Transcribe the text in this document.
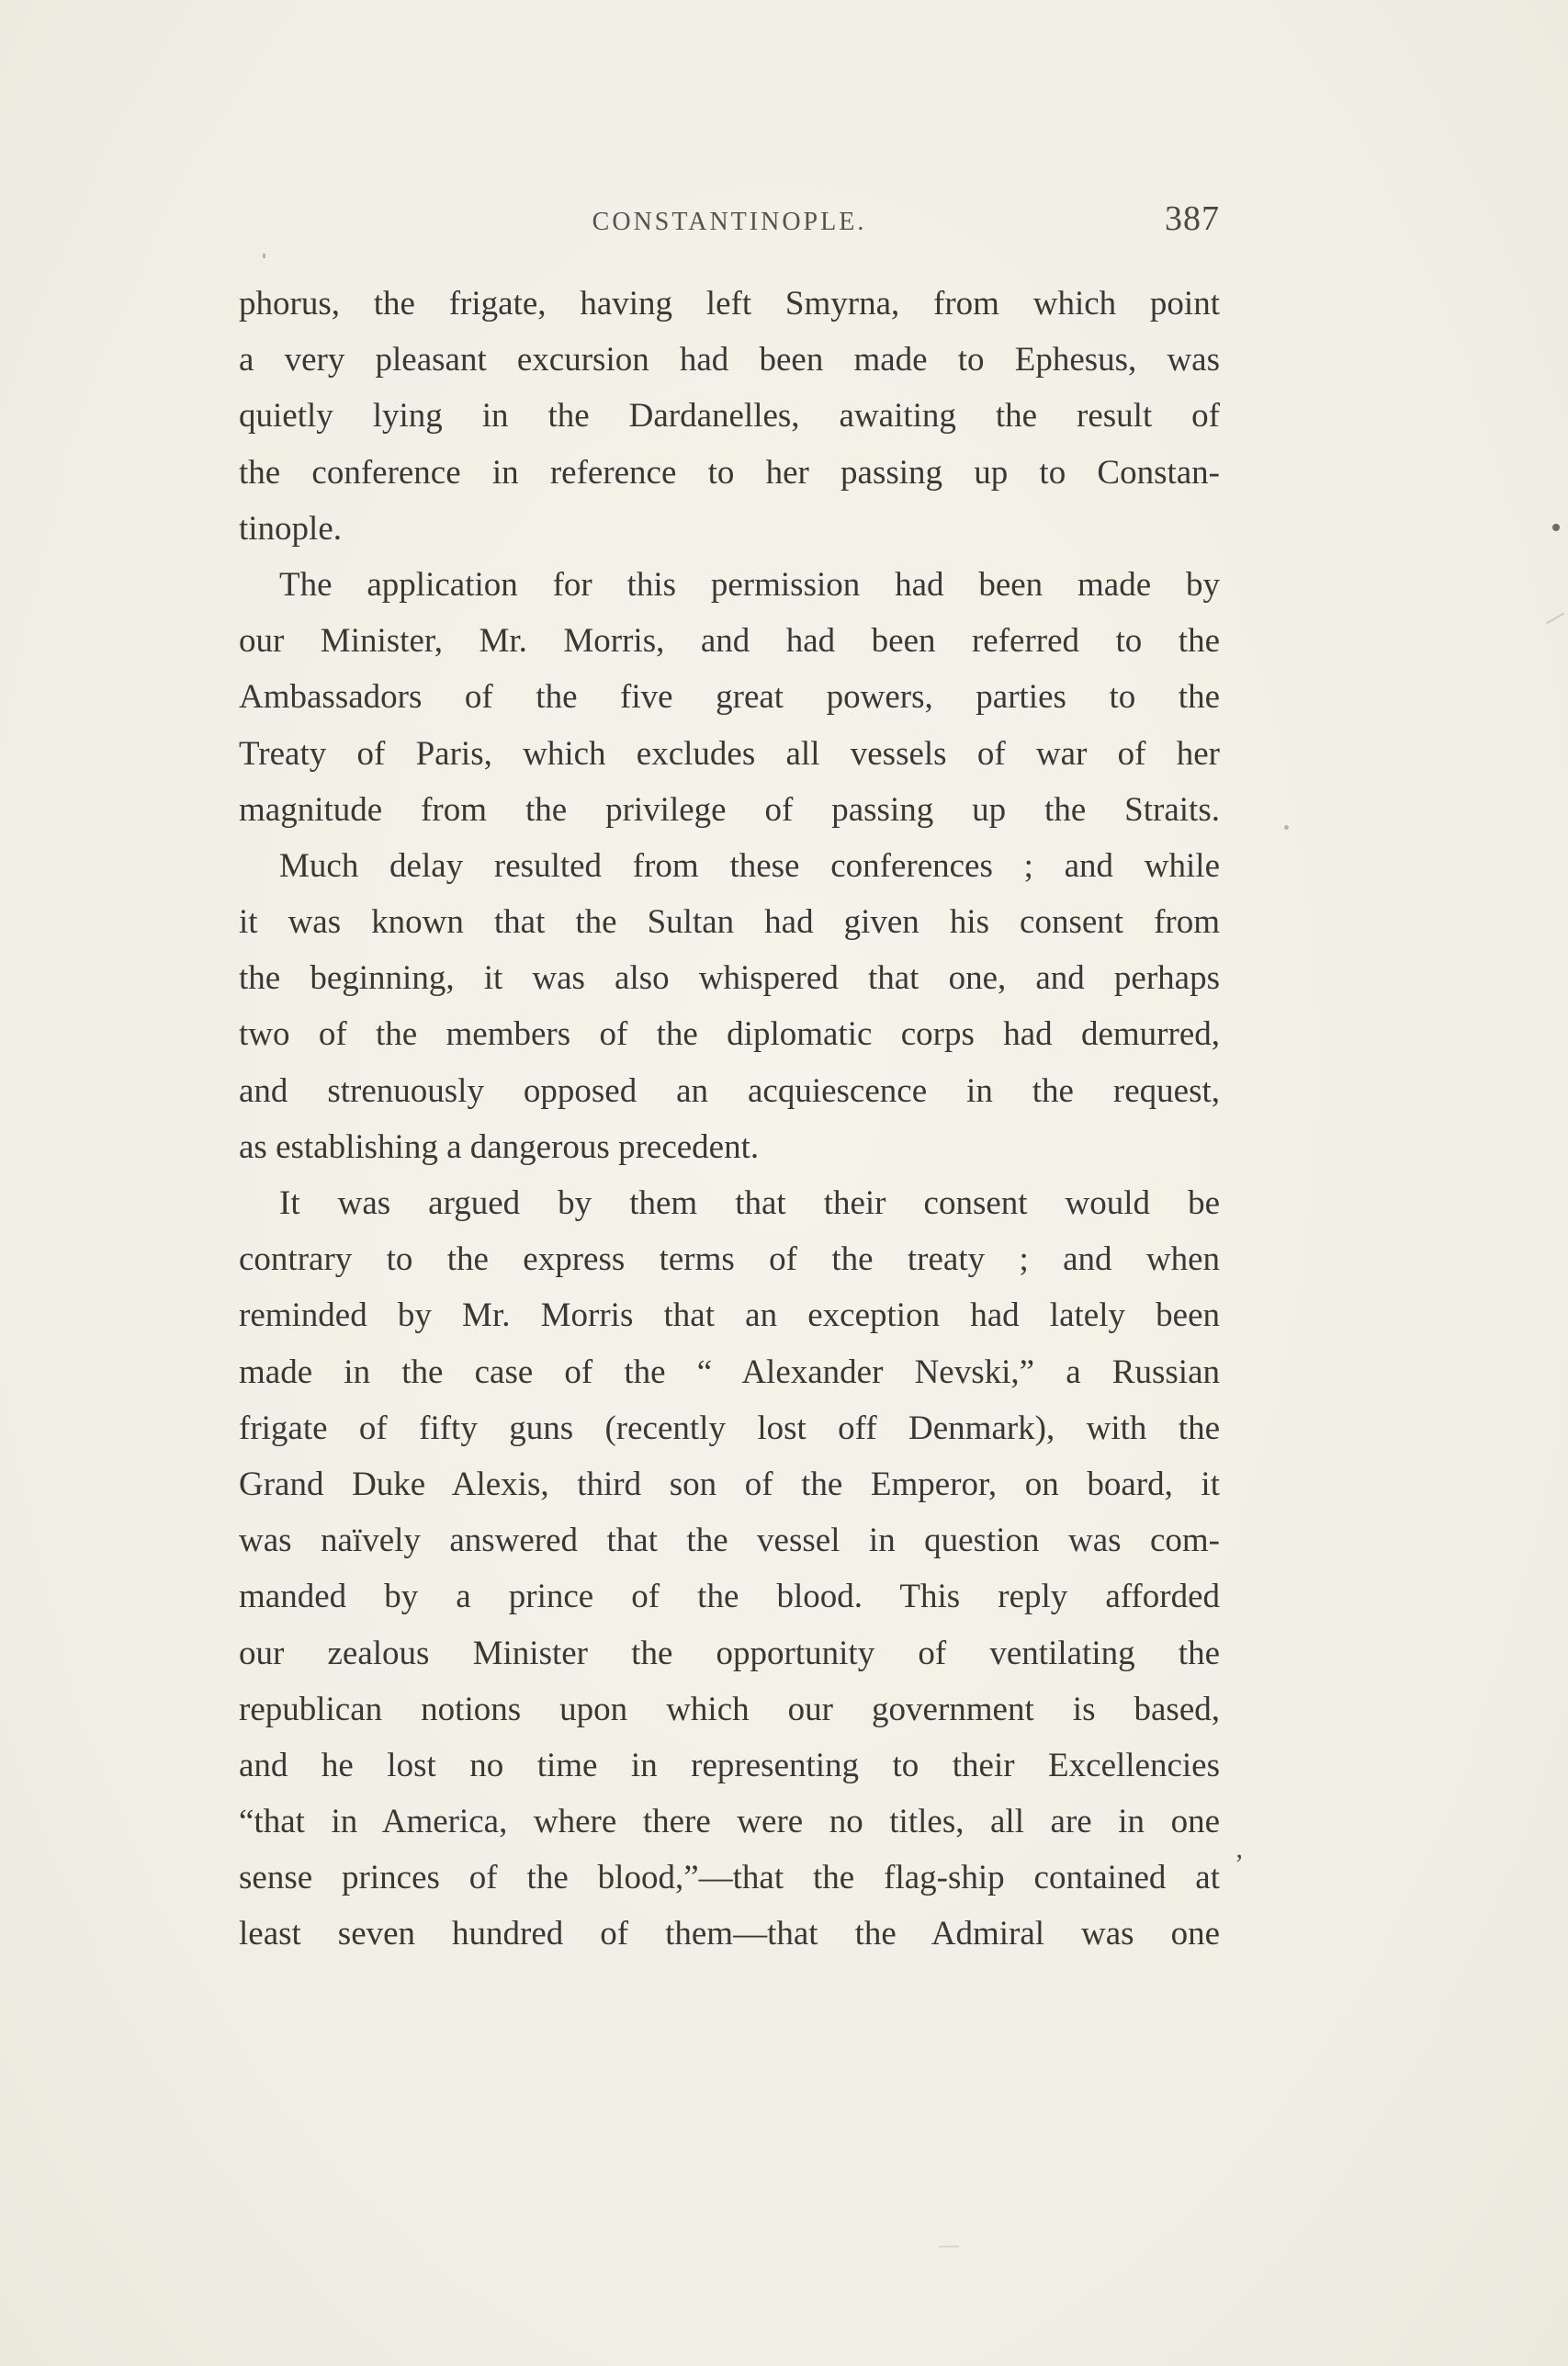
CONSTANTINOPLE.	387
phorus, the frigate, having left Smyrna, from which point
a very pleasant excursion had been made to Ephesus, was
quietly lying in the Dardanelles, awaiting the result of
the conference in reference to her passing up to Constan-
tinople.
The application for this permission had been made by
our Minister, Mr. Morris, and had been referred to the
Ambassadors of the five great powers, parties to the
Treaty of Paris, which excludes all vessels of war of her
magnitude from the privilege of passing up the Straits.
Much delay resulted from these conferences ; and while
it was known that the Sultan had given his consent from
the beginning, it was also whispered that one, and perhaps
two of the members of the diplomatic corps had demurred,
and strenuously opposed an acquiescence in the request,
as establishing a dangerous precedent.
It was argued by them that their consent would be
contrary to the express terms of the treaty ; and when
reminded by Mr. Morris that an exception had lately been
made in the case of the “ Alexander Nevski,” a Russian
frigate of fifty guns (recently lost off Denmark), with the
Grand Duke Alexis, third son of the Emperor, on board, it
was naïvely answered that the vessel in question was com-
manded by a prince of the blood. This reply afforded
our zealous Minister the opportunity of ventilating the
republican notions upon which our government is based,
and he lost no time in representing to their Excellencies
“that in America, where there were no titles, all are in one
sense princes of the blood,”—that the flag-ship contained at
least seven hundred of them—that the Admiral was one
’
